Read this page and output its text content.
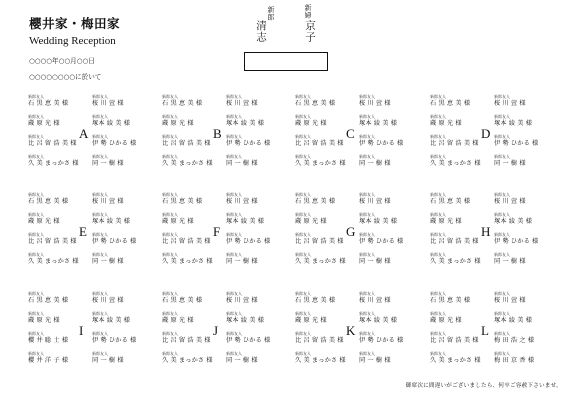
櫻井家・梅田家
Wedding Reception
○○○○年○○月○○日
○○○○○○○○に於いて
新郎
清志
新婦
京子
A
新郎友人
石 黒 恵 美 様
新郎友人
桜 川 萱 様
新郎友人
蔵 原 光 様
新郎友人
塚本 綾 美 様
新郎友人
比 呂 留 浩 美 様
新郎友人
伊 勢 ひかる 様
新郎友人
久 美 まっかさ 様
新郎友人
同 一 樹 様
B
新郎友人
石 黒 恵 美 様
新郎友人
桜 川 萱 様
新郎友人
蔵 原 光 様
新郎友人
塚本 綾 美 様
新郎友人
比 呂 留 浩 美 様
新郎友人
伊 勢 ひかる 様
新郎友人
久 美 まっかさ 様
新郎友人
同 一 樹 様
C
新郎友人
石 黒 恵 美 様
新郎友人
桜 川 萱 様
新郎友人
蔵 原 光 様
新郎友人
塚本 綾 美 様
新郎友人
比 呂 留 浩 美 様
新郎友人
伊 勢 ひかる 様
新郎友人
久 美 まっかさ 様
新郎友人
同 一 樹 様
D
新郎友人
石 黒 恵 美 様
新郎友人
桜 川 萱 様
新郎友人
蔵 原 光 様
新郎友人
塚本 綾 美 様
新郎友人
比 呂 留 浩 美 様
新郎友人
伊 勢 ひかる 様
新郎友人
久 美 まっかさ 様
新郎友人
同 一 樹 様
E
新郎友人
石 黒 恵 美 様
新郎友人
桜 川 萱 様
新郎友人
蔵 原 光 様
新郎友人
塚本 綾 美 様
新郎友人
比 呂 留 浩 美 様
新郎友人
伊 勢 ひかる 様
新郎友人
久 美 まっかさ 様
新郎友人
同 一 樹 様
F
新郎友人
石 黒 恵 美 様
新郎友人
桜 川 萱 様
新郎友人
蔵 原 光 様
新郎友人
塚本 綾 美 様
新郎友人
比 呂 留 浩 美 様
新郎友人
伊 勢 ひかる 様
新郎友人
久 美 まっかさ 様
新郎友人
同 一 樹 様
G
新郎友人
石 黒 恵 美 様
新郎友人
桜 川 萱 様
新郎友人
蔵 原 光 様
新郎友人
塚本 綾 美 様
新郎友人
比 呂 留 浩 美 様
新郎友人
伊 勢 ひかる 様
新郎友人
久 美 まっかさ 様
新郎友人
同 一 樹 様
H
新郎友人
石 黒 恵 美 様
新郎友人
桜 川 萱 様
新郎友人
蔵 原 光 様
新郎友人
塚本 綾 美 様
新郎友人
比 呂 留 浩 美 様
新郎友人
伊 勢 ひかる 様
新郎友人
久 美 まっかさ 様
新郎友人
同 一 樹 様
I
新郎友人
石 黒 恵 美 様
新郎友人
桜 川 萱 様
新郎友人
蔵 原 光 様
新郎友人
塚本 綾 美 様
新郎友人
櫻 井 聡 士 様
新郎友人
伊 勢 ひかる 様
新郎友人
櫻 井 洋 子 様
新郎友人
同 一 樹 様
J
新郎友人
石 黒 恵 美 様
新郎友人
桜 川 萱 様
新郎友人
蔵 原 光 様
新郎友人
塚本 綾 美 様
新郎友人
比 呂 留 浩 美 様
新郎友人
伊 勢 ひかる 様
新郎友人
久 美 まっかさ 様
新郎友人
同 一 樹 様
K
新郎友人
石 黒 恵 美 様
新郎友人
桜 川 萱 様
新郎友人
蔵 原 光 様
新郎友人
塚本 綾 美 様
新郎友人
比 呂 留 浩 美 様
新郎友人
伊 勢 ひかる 様
新郎友人
久 美 まっかさ 様
新郎友人
同 一 樹 様
L
新郎友人
石 黒 恵 美 様
新郎友人
桜 川 萱 様
新郎友人
蔵 原 光 様
新郎友人
塚本 綾 美 様
新郎友人
比 呂 留 浩 美 様
新郎友人
梅 田 浩 之 様
新郎友人
久 美 まっかさ 様
新郎友人
梅 田 京 香 様
御席次に間違いがございましたら、何卒ご容赦下さいませ。
